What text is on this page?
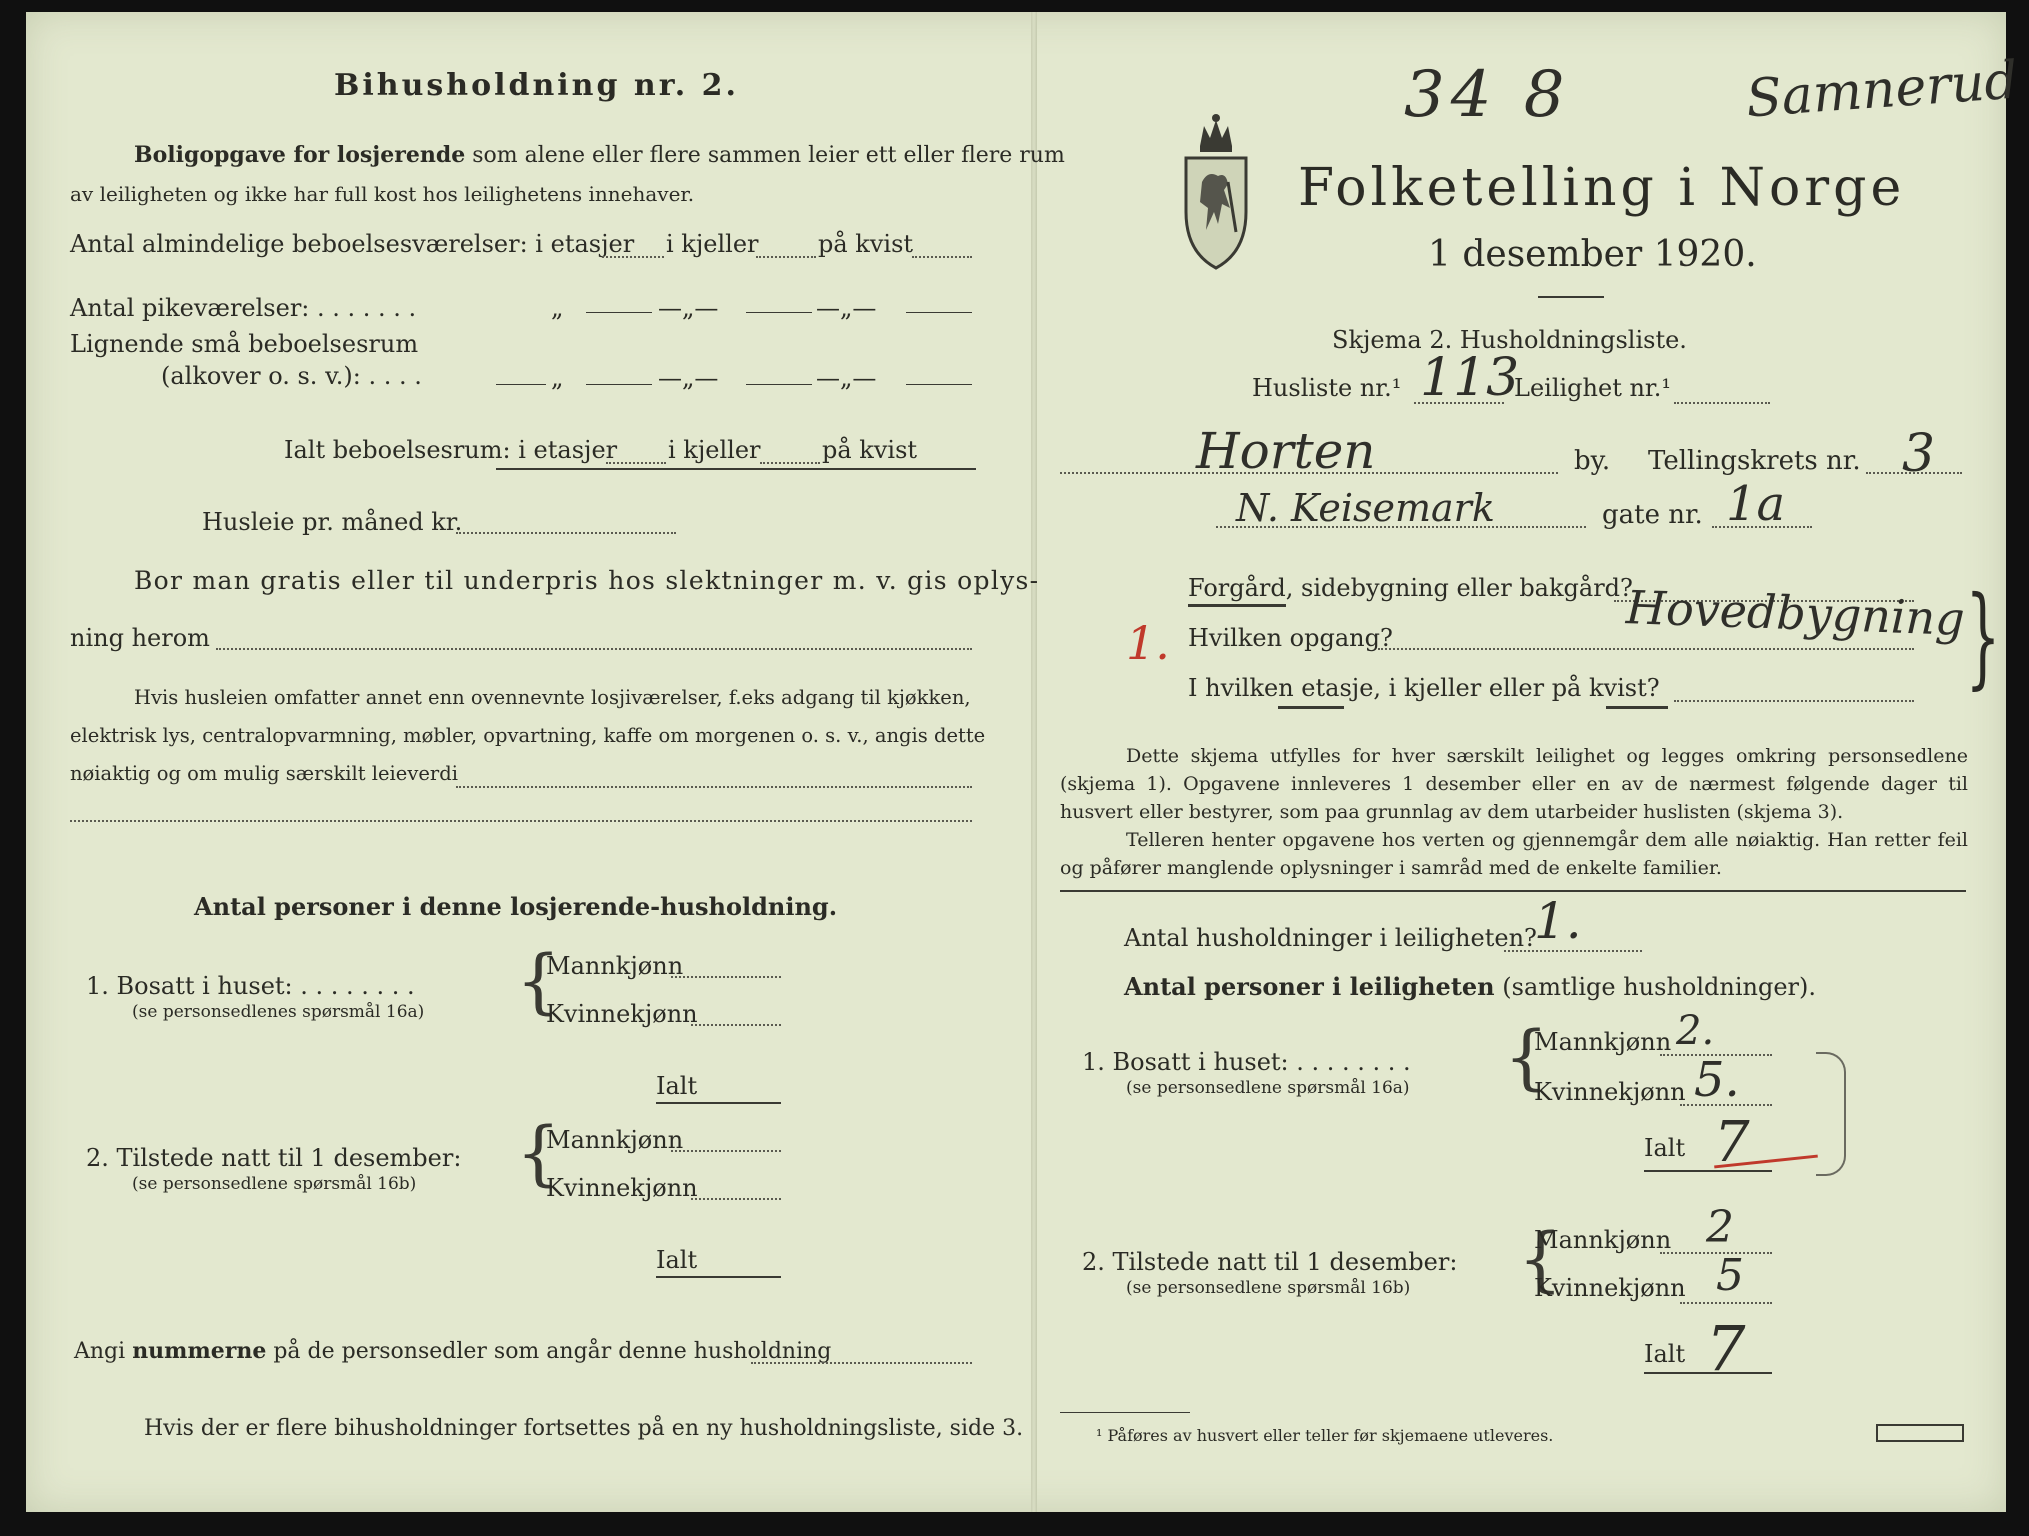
Bihusholdning nr. 2.
Boligopgave for losjerende som alene eller flere sammen leier ett eller flere rum
av leiligheten og ikke har full kost hos leilighetens innehaver.
Antal almindelige beboelsesværelser: i etasjer i kjeller på kvist
Antal pikeværelser: . . . . . . .	„	—„—	—„—
Lignende små beboelsesrum
(alkover o. s. v.): . . . .	„	—„—	—„—
Ialt beboelsesrum: i etasjer i kjeller	på kvist
Husleie pr. måned kr.
Bor man gratis eller til underpris hos slektninger m. v. gis oplys-
ning herom
Hvis husleien omfatter annet enn ovennevnte losjiværelser, f.eks adgang til kjøkken,
elektrisk lys, centralopvarmning, møbler, opvartning, kaffe om morgenen o. s. v., angis dette
nøiaktig og om mulig særskilt leieverdi
Antal personer i denne losjerende-husholdning.
1. Bosatt i huset: . . . . . . . .
(se personsedlenes spørsmål 16a) {
Mannkjønn
Kvinnekjønn
Ialt
2. Tilstede natt til 1 desember:
(se personsedlene spørsmål 16b) {
Mannkjønn
Kvinnekjønn
Ialt
Angi nummerne på de personsedler som angår denne husholdning
Hvis der er flere bihusholdninger fortsettes på en ny husholdningsliste, side 3.
34 8	Samnerud
Folketelling i Norge
1 desember 1920.
Skjema 2. Husholdningsliste.
Husliste nr.¹ 113
Leilighet nr.¹
Horten	by. Tellingskrets nr. 3
N. Keisemark	gate nr. 1a
Forgård, sidebygning eller bakgård?
Hovedbygning }
1. Hvilken opgang?
I hvilken etasje, i kjeller eller på kvist?
Dette skjema utfylles for hver særskilt leilighet og legges omkring personsedlene (skjema 1). Opgavene innleveres 1 desember eller en av de nærmest følgende dager til husvert eller bestyrer, som paa grunnlag av dem utarbeider huslisten (skjema 3).
Telleren henter opgavene hos verten og gjennemgår dem alle nøiaktig. Han retter feil og påfører manglende oplysninger i samråd med de enkelte familier.
Antal husholdninger i leiligheten?
1.
Antal personer i leiligheten (samtlige husholdninger).
1. Bosatt i huset: . . . . . . . .
(se personsedlene spørsmål 16a) {
Mannkjønn 2.
Kvinnekjønn 5.
Ialt 7
2. Tilstede natt til 1 desember:
(se personsedlene spørsmål 16b) {
Mannkjønn 2
Kvinnekjønn 5
Ialt 7
¹ Påføres av husvert eller teller før skjemaene utleveres.
